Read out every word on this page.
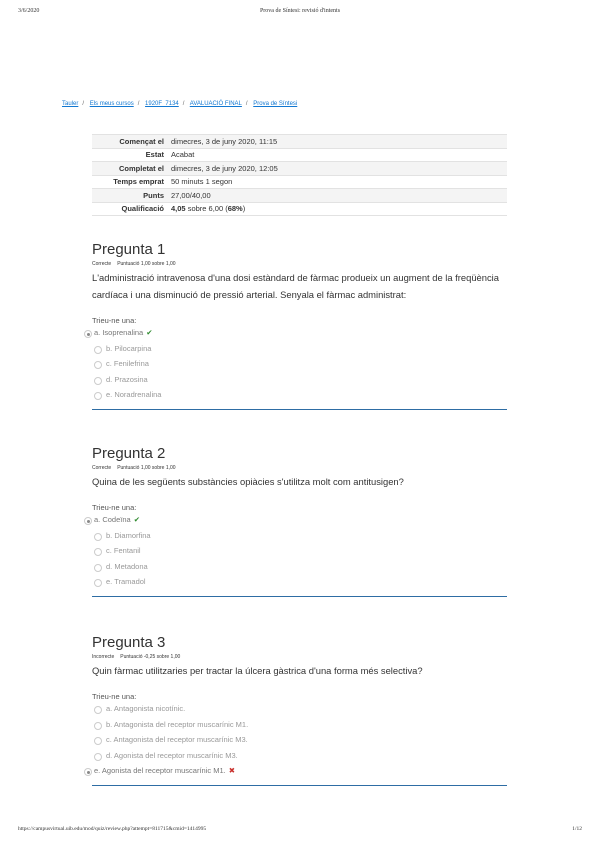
3/6/2020	Prova de Síntesi: revisió d'intents
Tauler / Els meus cursos / 1920F_7134 / AVALUACIÓ FINAL / Prova de Síntesi
Començat el	dimecres, 3 de juny 2020, 11:15
Estat	Acabat
Completat el	dimecres, 3 de juny 2020, 12:05
Temps emprat	50 minuts 1 segon
Punts	27,00/40,00
Qualificació	4,05 sobre 6,00 (68%)
Pregunta 1
Correcte Puntuació 1,00 sobre 1,00
L'administració intravenosa d'una dosi estàndard de fàrmac produeix un augment de la freqüència cardíaca i una disminució de pressió arterial. Senyala el fàrmac administrat:
Trieu-ne una:
a. Isoprenalina ✔
b. Pilocarpina
c. Fenilefrina
d. Prazosina
e. Noradrenalina
Pregunta 2
Correcte Puntuació 1,00 sobre 1,00
Quina de les següents substàncies opiàcies s'utilitza molt com antitusigen?
Trieu-ne una:
a. Codeïna ✔
b. Diamorfina
c. Fentanil
d. Metadona
e. Tramadol
Pregunta 3
Incorrecte Puntuació -0,25 sobre 1,00
Quin fàrmac utilitzaries per tractar la úlcera gàstrica d'una forma més selectiva?
Trieu-ne una:
a. Antagonista nicotínic.
b. Antagonista del receptor muscarínic M1.
c. Antagonista del receptor muscarínic M3.
d. Agonista del receptor muscarínic M3.
e. Agonista del receptor muscarínic M1. ✖
https://campusvirtual.uib.edu/mod/quiz/review.php?attempt=811715&cmid=1414995	1/12
